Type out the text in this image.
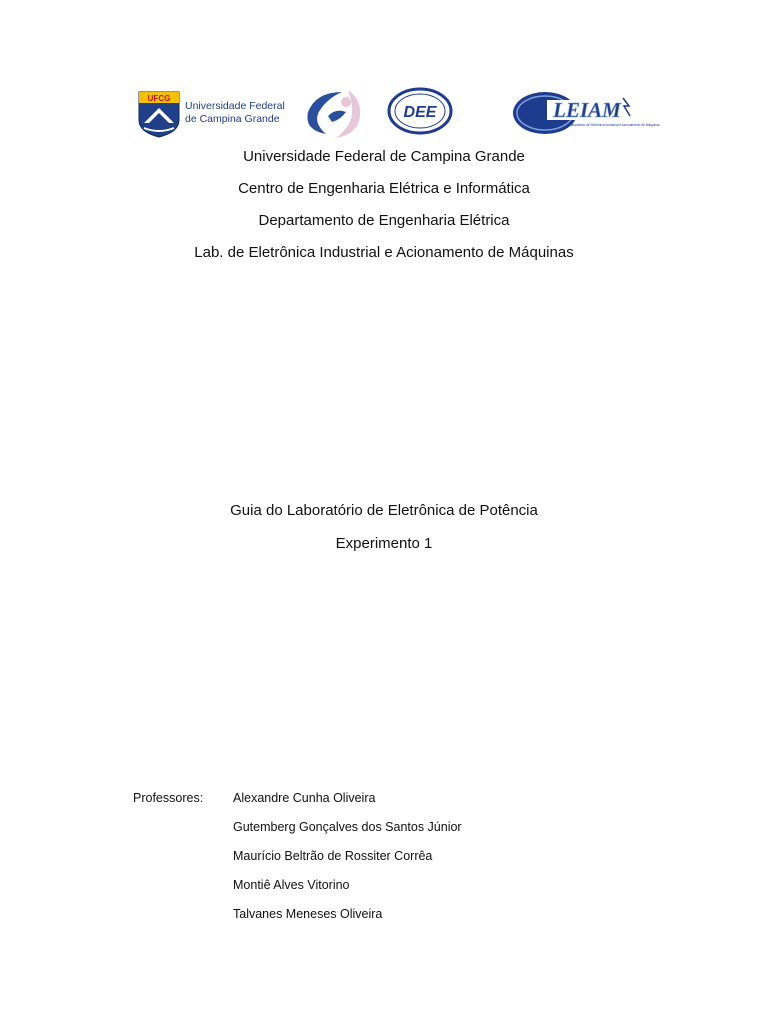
UFCG
Universidade Federal
de Campina Grande	DEE	LEIAM
Laboratório de Eletrônica Industrial e Acionamento de Máquinas
Universidade Federal de Campina Grande
Centro de Engenharia Elétrica e Informática
Departamento de Engenharia Elétrica
Lab. de Eletrônica Industrial e Acionamento de Máquinas
Guia do Laboratório de Eletrônica de Potência
Experimento 1
Professores: Alexandre Cunha Oliveira
Gutemberg Gonçalves dos Santos Júnior
Maurício Beltrão de Rossiter Corrêa
Montiê Alves Vitorino
Talvanes Meneses Oliveira
